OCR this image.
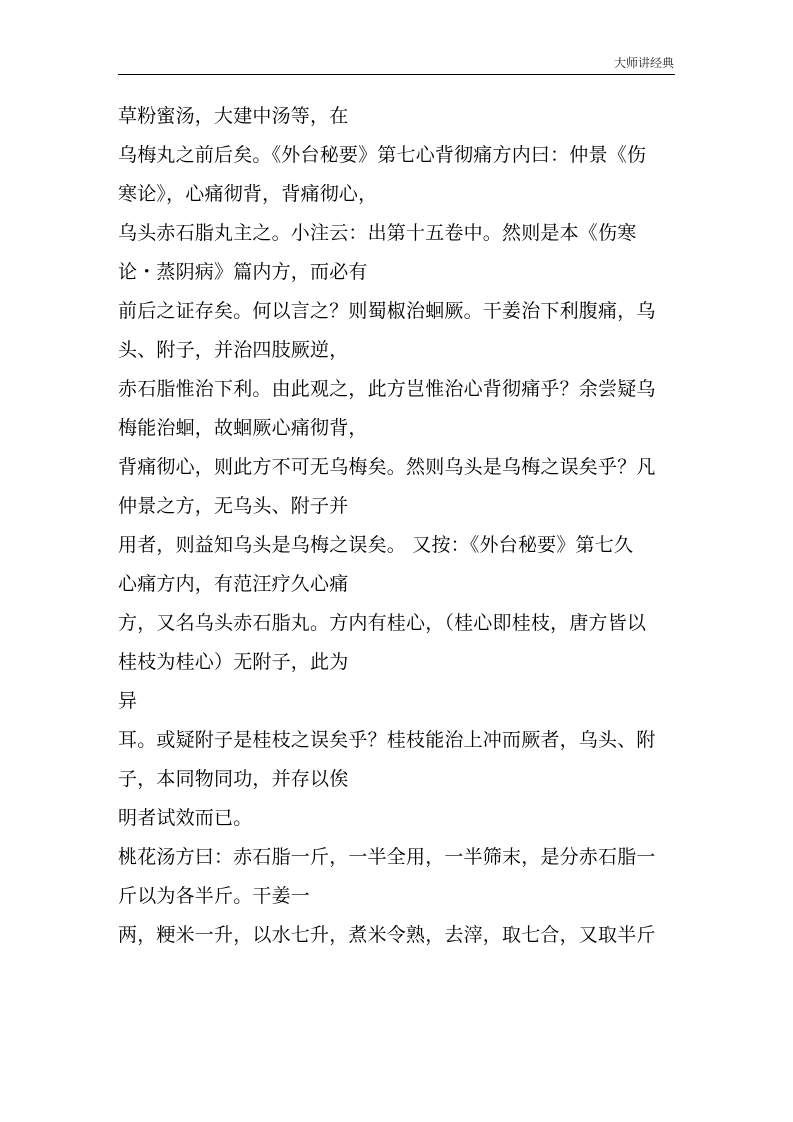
大师讲经典
草粉蜜汤，大建中汤等，在
乌梅丸之前后矣。《外台秘要》第七心背彻痛方内曰：仲景《伤
寒论》，心痛彻背，背痛彻心，
乌头赤石脂丸主之。小注云：出第十五卷中。然则是本《伤寒
论・蒸阴病》篇内方，而必有
前后之证存矣。何以言之？则蜀椒治蛔厥。干姜治下利腹痛，乌
头、附子，并治四肢厥逆，
赤石脂惟治下利。由此观之，此方岂惟治心背彻痛乎？余尝疑乌
梅能治蛔，故蛔厥心痛彻背，
背痛彻心，则此方不可无乌梅矣。然则乌头是乌梅之误矣乎？凡
仲景之方，无乌头、附子并
用者，则益知乌头是乌梅之误矣。 又按：《外台秘要》第七久
心痛方内，有范汪疗久心痛
方，又名乌头赤石脂丸。方内有桂心，（桂心即桂枝，唐方皆以
桂枝为桂心）无附子，此为
异
耳。或疑附子是桂枝之误矣乎？桂枝能治上冲而厥者，乌头、附
子，本同物同功，并存以俟
明者试效而已。
桃花汤方曰：赤石脂一斤，一半全用，一半筛末，是分赤石脂一
斤以为各半斤。干姜一
两，粳米一升，以水七升，煮米令熟，去滓，取七合，又取半斤
